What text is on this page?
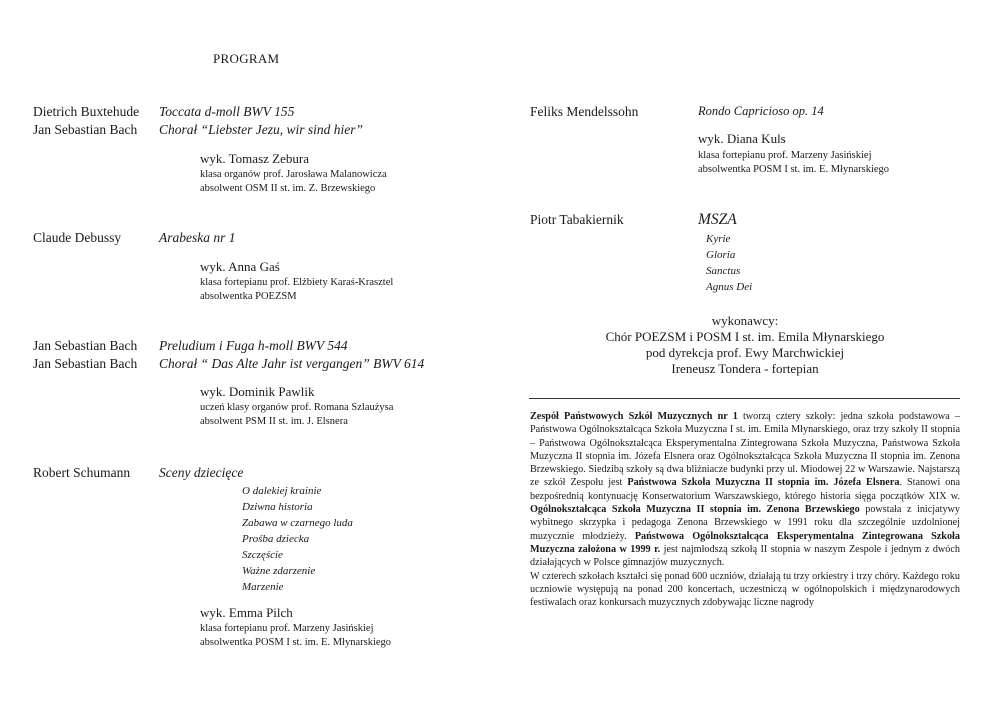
PROGRAM
Dietrich Buxtehude Toccata d-moll BWV 155
Jan Sebastian Bach Chorał “Liebster Jezu, wir sind hier”
wyk. Tomasz Zebura
klasa organów prof. Jarosława Malanowicza
absolwent OSM II st. im. Z. Brzewskiego
Claude Debussy	Arabeska nr 1
wyk. Anna Gaś
klasa fortepianu prof. Elżbiety Karaś-Krasztel
absolwentka POEZSM
Jan Sebastian Bach Preludium i Fuga h-moll BWV 544
Jan Sebastian Bach Chorał “ Das Alte Jahr ist vergangen” BWV 614
wyk. Dominik Pawlik
uczeń klasy organów prof. Romana Szlaużysa
absolwent PSM II st. im. J. Elsnera
Robert Schumann Sceny dziecięce
O dalekiej krainie
Dziwna historia
Zabawa w czarnego luda
Prośba dziecka
Szczęście
Ważne zdarzenie
Marzenie
wyk. Emma Pilch
klasa fortepianu prof. Marzeny Jasińskiej
absolwentka POSM I st. im. E. Młynarskiego
Feliks Mendelssohn	Rondo Capricioso op. 14
wyk. Diana Kuls
klasa fortepianu prof. Marzeny Jasińskiej
absolwentka POSM I st. im. E. Młynarskiego
Piotr Tabakiernik	MSZA
Kyrie
Gloria
Sanctus
Agnus Dei
wykonawcy:
Chór POEZSM i POSM I st. im. Emila Młynarskiego
pod dyrekcja prof. Ewy Marchwickiej
Ireneusz Tondera - fortepian

Zespół Państwowych Szkół Muzycznych nr 1 tworzą cztery szkoły: jedna szkoła podstawowa – Państwowa Ogólnokształcąca Szkoła Muzyczna I st. im. Emila Młynarskiego, oraz trzy szkoły II stopnia – Państwowa Ogólnokształcąca Eksperymentalna Zintegrowana Szkoła Muzyczna, Państwowa Szkoła Muzyczna II stopnia im. Józefa Elsnera oraz Ogólnokształcąca Szkoła Muzyczna II stopnia im. Zenona Brzewskiego. Siedzibą szkoły są dwa bliźniacze budynki przy ul. Miodowej 22 w Warszawie. Najstarszą ze szkół Zespołu jest Państwowa Szkoła Muzyczna II stopnia im. Józefa Elsnera. Stanowi ona bezpośrednią kontynuację Konserwatorium Warszawskiego, którego historia sięga początków XIX w. Ogólnokształcąca Szkoła Muzyczna II stopnia im. Zenona Brzewskiego powstała z inicjatywy wybitnego skrzypka i pedagoga Zenona Brzewskiego w 1991 roku dla szczególnie uzdolnionej muzycznie młodzieży. Państwowa Ogólnokształcąca Eksperymentalna Zintegrowana Szkoła Muzyczna założona w 1999 r. jest najmłodszą szkołą II stopnia w naszym Zespole i jednym z dwóch działających w Polsce gimnazjów muzycznych.

W czterech szkołach kształci się ponad 600 uczniów, działają tu trzy orkiestry i trzy chóry. Każdego roku uczniowie występują na ponad 200 koncertach, uczestniczą w ogólnopolskich i międzynarodowych festiwalach oraz konkursach muzycznych zdobywając liczne nagrody
